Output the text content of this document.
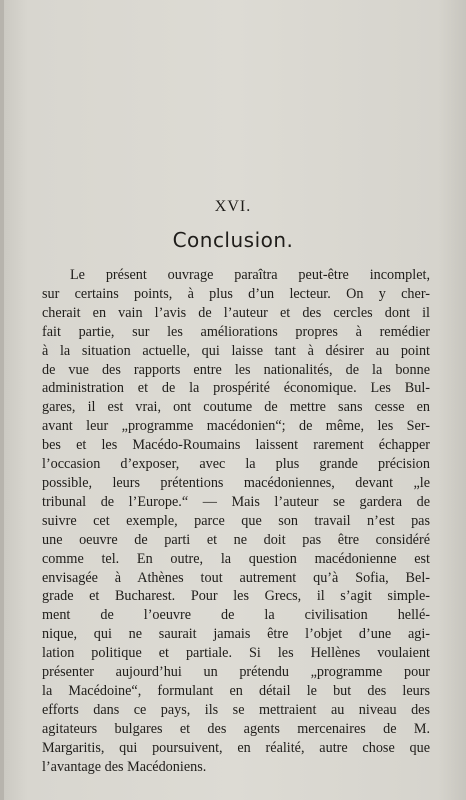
XVI.
Conclusion.
Le présent ouvrage paraîtra peut-être incomplet,
sur certains points, à plus d’un lecteur. On y cher-
cherait en vain l’avis de l’auteur et des cercles dont il
fait partie, sur les améliorations propres à remédier
à la situation actuelle, qui laisse tant à désirer au point
de vue des rapports entre les nationalités, de la bonne
administration et de la prospérité économique. Les Bul-
gares, il est vrai, ont coutume de mettre sans cesse en
avant leur „programme macédonien“; de même, les Ser-
bes et les Macédo-Roumains laissent rarement échapper
l’occasion d’exposer, avec la plus grande précision
possible, leurs prétentions macédoniennes, devant „le
tribunal de l’Europe.“ — Mais l’auteur se gardera de
suivre cet exemple, parce que son travail n’est pas
une oeuvre de parti et ne doit pas être considéré
comme tel. En outre, la question macédonienne est
envisagée à Athènes tout autrement qu’à Sofia, Bel-
grade et Bucharest. Pour les Grecs, il s’agit simple-
ment de l’oeuvre de la civilisation hellé-
nique, qui ne saurait jamais être l’objet d’une agi-
lation politique et partiale. Si les Hellènes voulaient
présenter aujourd’hui un prétendu „programme pour
la Macédoine“, formulant en détail le but des leurs
efforts dans ce pays, ils se mettraient au niveau des
agitateurs bulgares et des agents mercenaires de M.
Margaritis, qui poursuivent, en réalité, autre chose que
l’avantage des Macédoniens.
